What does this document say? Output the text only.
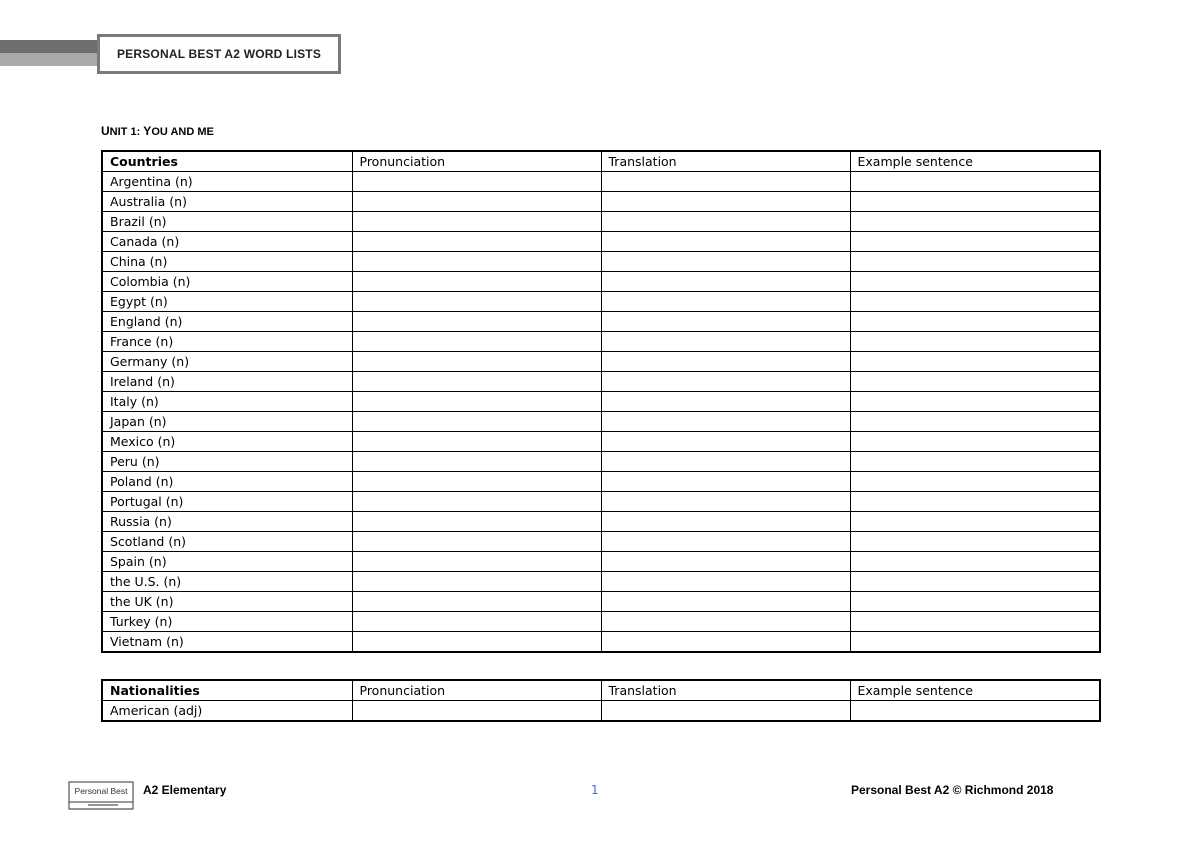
PERSONAL BEST A2 WORD LISTS
UNIT 1: YOU AND ME
Countries	Pronunciation	Translation	Example sentence
Argentina (n)			
Australia (n)			
Brazil (n)			
Canada (n)			
China (n)			
Colombia (n)			
Egypt (n)			
England (n)			
France (n)			
Germany (n)			
Ireland (n)			
Italy (n)			
Japan (n)			
Mexico (n)			
Peru (n)			
Poland (n)			
Portugal (n)			
Russia (n)			
Scotland (n)			
Spain (n)			
the U.S. (n)			
the UK (n)			
Turkey (n)			
Vietnam (n)			
Nationalities	Pronunciation	Translation	Example sentence
American (adj)			
Personal Best A2 Elementary	1	Personal Best A2 © Richmond 2018
